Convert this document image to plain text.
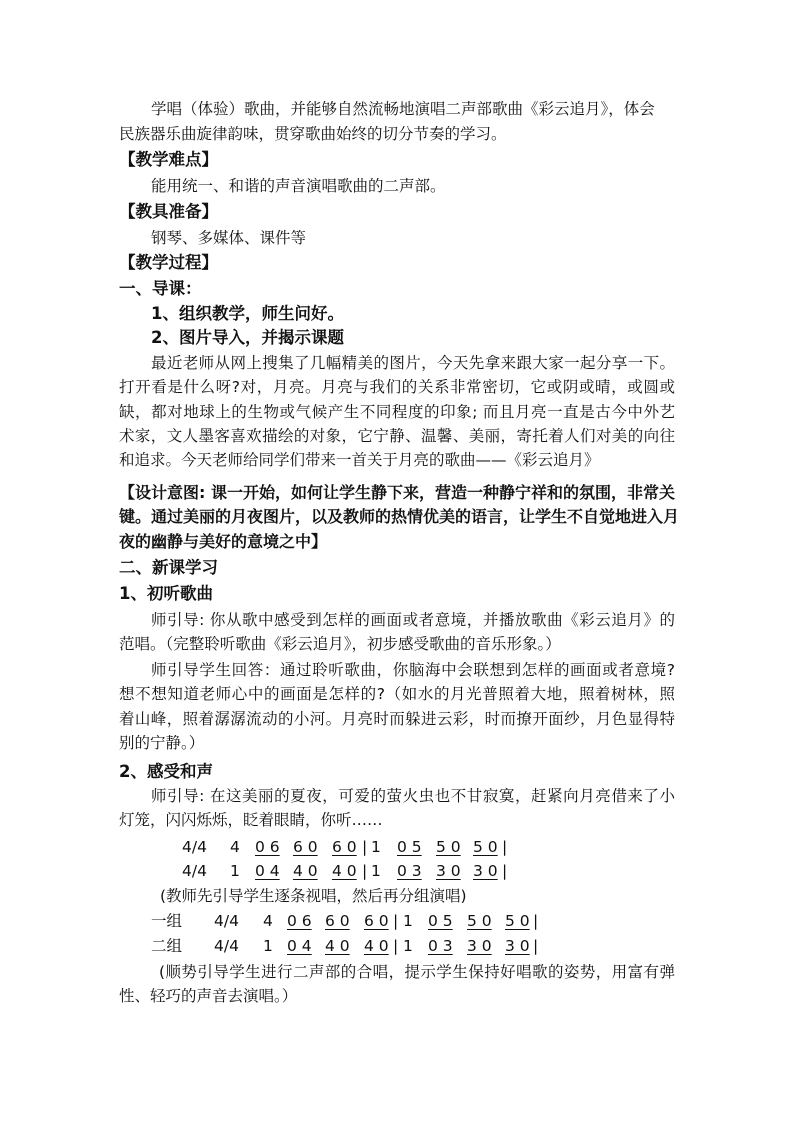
学唱（体验）歌曲，并能够自然流畅地演唱二声部歌曲《彩云追月》，体会
民族器乐曲旋律韵味，贯穿歌曲始终的切分节奏的学习。
【教学难点】
能用统一、和谐的声音演唱歌曲的二声部。
【教具准备】
钢琴、多媒体、课件等
【教学过程】
一、导课：
1、组织教学，师生问好。
2、图片导入，并揭示课题
最近老师从网上搜集了几幅精美的图片，今天先拿来跟大家一起分享一下。
打开看是什么呀?对，月亮。月亮与我们的关系非常密切，它或阴或晴，或圆或
缺，都对地球上的生物或气候产生不同程度的印象; 而且月亮一直是古今中外艺
术家，文人墨客喜欢描绘的对象，它宁静、温馨、美丽，寄托着人们对美的向往
和追求。今天老师给同学们带来一首关于月亮的歌曲——《彩云追月》
【设计意图: 课一开始，如何让学生静下来，营造一种静宁祥和的氛围，非常关
键。通过美丽的月夜图片，以及教师的热情优美的语言，让学生不自觉地进入月
夜的幽静与美好的意境之中】
二、新课学习
1、初听歌曲
师引导: 你从歌中感受到怎样的画面或者意境，并播放歌曲《彩云追月》的
范唱。（完整聆听歌曲《彩云追月》，初步感受歌曲的音乐形象。）
师引导学生回答：通过聆听歌曲，你脑海中会联想到怎样的画面或者意境?
想不想知道老师心中的画面是怎样的?（如水的月光普照着大地，照着树林，照
着山峰，照着潺潺流动的小河。月亮时而躲进云彩，时而撩开面纱，月色显得特
别的宁静。）
2、感受和声
师引导: 在这美丽的夏夜，可爱的萤火虫也不甘寂寞，赶紧向月亮借来了小
灯笼，闪闪烁烁，眨着眼睛，你听……
4/4 4 0 6 6 0 6 0 | 1 0 5 5 0 5 0 |
4/4 1 0 4 4 0 4 0 | 1 0 3 3 0 3 0 |
(教师先引导学生逐条视唱，然后再分组演唱)
一组 4/4 4 0 6 6 0 6 0 | 1 0 5 5 0 5 0 |
二组 4/4 1 0 4 4 0 4 0 | 1 0 3 3 0 3 0 |
(顺势引导学生进行二声部的合唱，提示学生保持好唱歌的姿势，用富有弹
性、轻巧的声音去演唱。）
